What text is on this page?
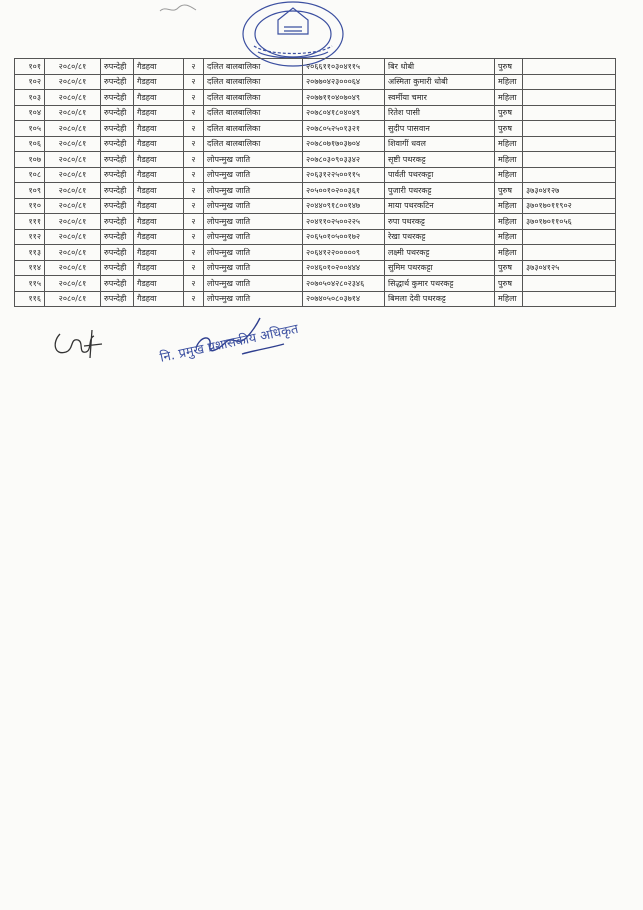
१०१	२०८०/८१	रुपन्देही	गैडहवा	२	दलित बालबालिका	२०६६११०३०४११५	बिर धोबी	पुरुष	
१०२	२०८०/८१	रुपन्देही	गैडहवा	२	दलित बालबालिका	२०७७०४२३०००६४	अस्मिता कुमारी धोबी	महिला	
१०३	२०८०/८१	रुपन्देही	गैडहवा	२	दलित बालबालिका	२०७७११०४०७०४९	स्वर्मीया चमार	महिला	
१०४	२०८०/८१	रुपन्देही	गैडहवा	२	दलित बालबालिका	२०७८०४१८०४०४९	रितेश पासी	पुरुष	
१०५	२०८०/८१	रुपन्देही	गैडहवा	२	दलित बालबालिका	२०७८०५२५०१३२१	सुदीप पासवान	पुरुष	
१०६	२०८०/८१	रुपन्देही	गैडहवा	२	दलित बालबालिका	२०७८०७१७०३७०४	शिवागीं धवल	महिला	
१०७	२०८०/८१	रुपन्देही	गैडहवा	२	लोपन्मुख जाति	२०७८०३०९०३३४२	सृष्टी पथरकट्ट	महिला	
१०८	२०८०/८१	रुपन्देही	गैडहवा	२	लोपन्मुख जाति	२०६३१२२५००११५	पार्वती पथरकट्टा	महिला	
१०९	२०८०/८१	रुपन्देही	गैडहवा	२	लोपन्मुख जाति	२०५००१०२००३६१	पुजारी पथरकट्ट	पुरुष	३७३०४१२७
११०	२०८०/८१	रुपन्देही	गैडहवा	२	लोपन्मुख जाति	२०४४०९१८००१४७	माया पथरकटिन	महिला	३७०१७०११९०२
१११	२०८०/८१	रुपन्देही	गैडहवा	२	लोपन्मुख जाति	२०४११०२५००२२५	रुपा पथरकट्ट	महिला	३७०१७०११०५६
११२	२०८०/८१	रुपन्देही	गैडहवा	२	लोपन्मुख जाति	२०६५०१०५००१७२	रेखा पथरकट्ट	महिला	
११३	२०८०/८१	रुपन्देही	गैडहवा	२	लोपन्मुख जाति	२०६४१२२०००००९	लक्ष्मी पथरकट्ट	महिला	
११४	२०८०/८१	रुपन्देही	गैडहवा	२	लोपन्मुख जाति	२०४६०१०२००४४४	सुमिम पथरकट्टा	पुरुष	३७३०४१२५
११५	२०८०/८१	रुपन्देही	गैडहवा	२	लोपन्मुख जाति	२०७०५०४२८०२३४६	सिद्धार्थ कुमार पथरकट्ट	पुरुष	
११६	२०८०/८१	रुपन्देही	गैडहवा	२	लोपन्मुख जाति	२०७४०५०८०३७१४	बिमला देवी पथरकट्ट	महिला	
नि. प्रमुख प्रशासकीय अधिकृत
